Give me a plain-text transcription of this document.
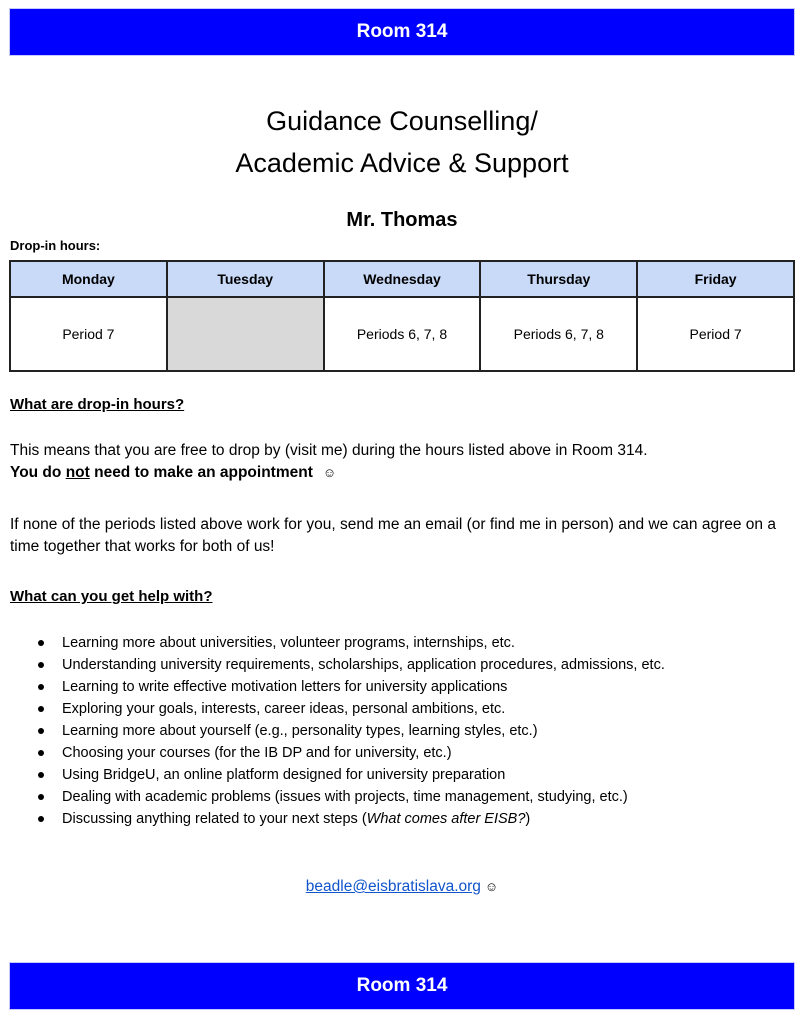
Room 314
Guidance Counselling/
Academic Advice & Support
Mr. Thomas
Drop-in hours:
Monday	Tuesday	Wednesday	Thursday	Friday
Period 7		Periods 6, 7, 8	Periods 6, 7, 8	Period 7
What are drop-in hours?
This means that you are free to drop by (visit me) during the hours listed above in Room 314.
You do not need to make an appointment ☺
If none of the periods listed above work for you, send me an email (or find me in person) and we can agree on a time together that works for both of us!
What can you get help with?
Learning more about universities, volunteer programs, internships, etc.
Understanding university requirements, scholarships, application procedures, admissions, etc.
Learning to write effective motivation letters for university applications
Exploring your goals, interests, career ideas, personal ambitions, etc.
Learning more about yourself (e.g., personality types, learning styles, etc.)
Choosing your courses (for the IB DP and for university, etc.)
Using BridgeU, an online platform designed for university preparation
Dealing with academic problems (issues with projects, time management, studying, etc.)
Discussing anything related to your next steps (What comes after EISB?)
beadle@eisbratislava.org ☺
Room 314
